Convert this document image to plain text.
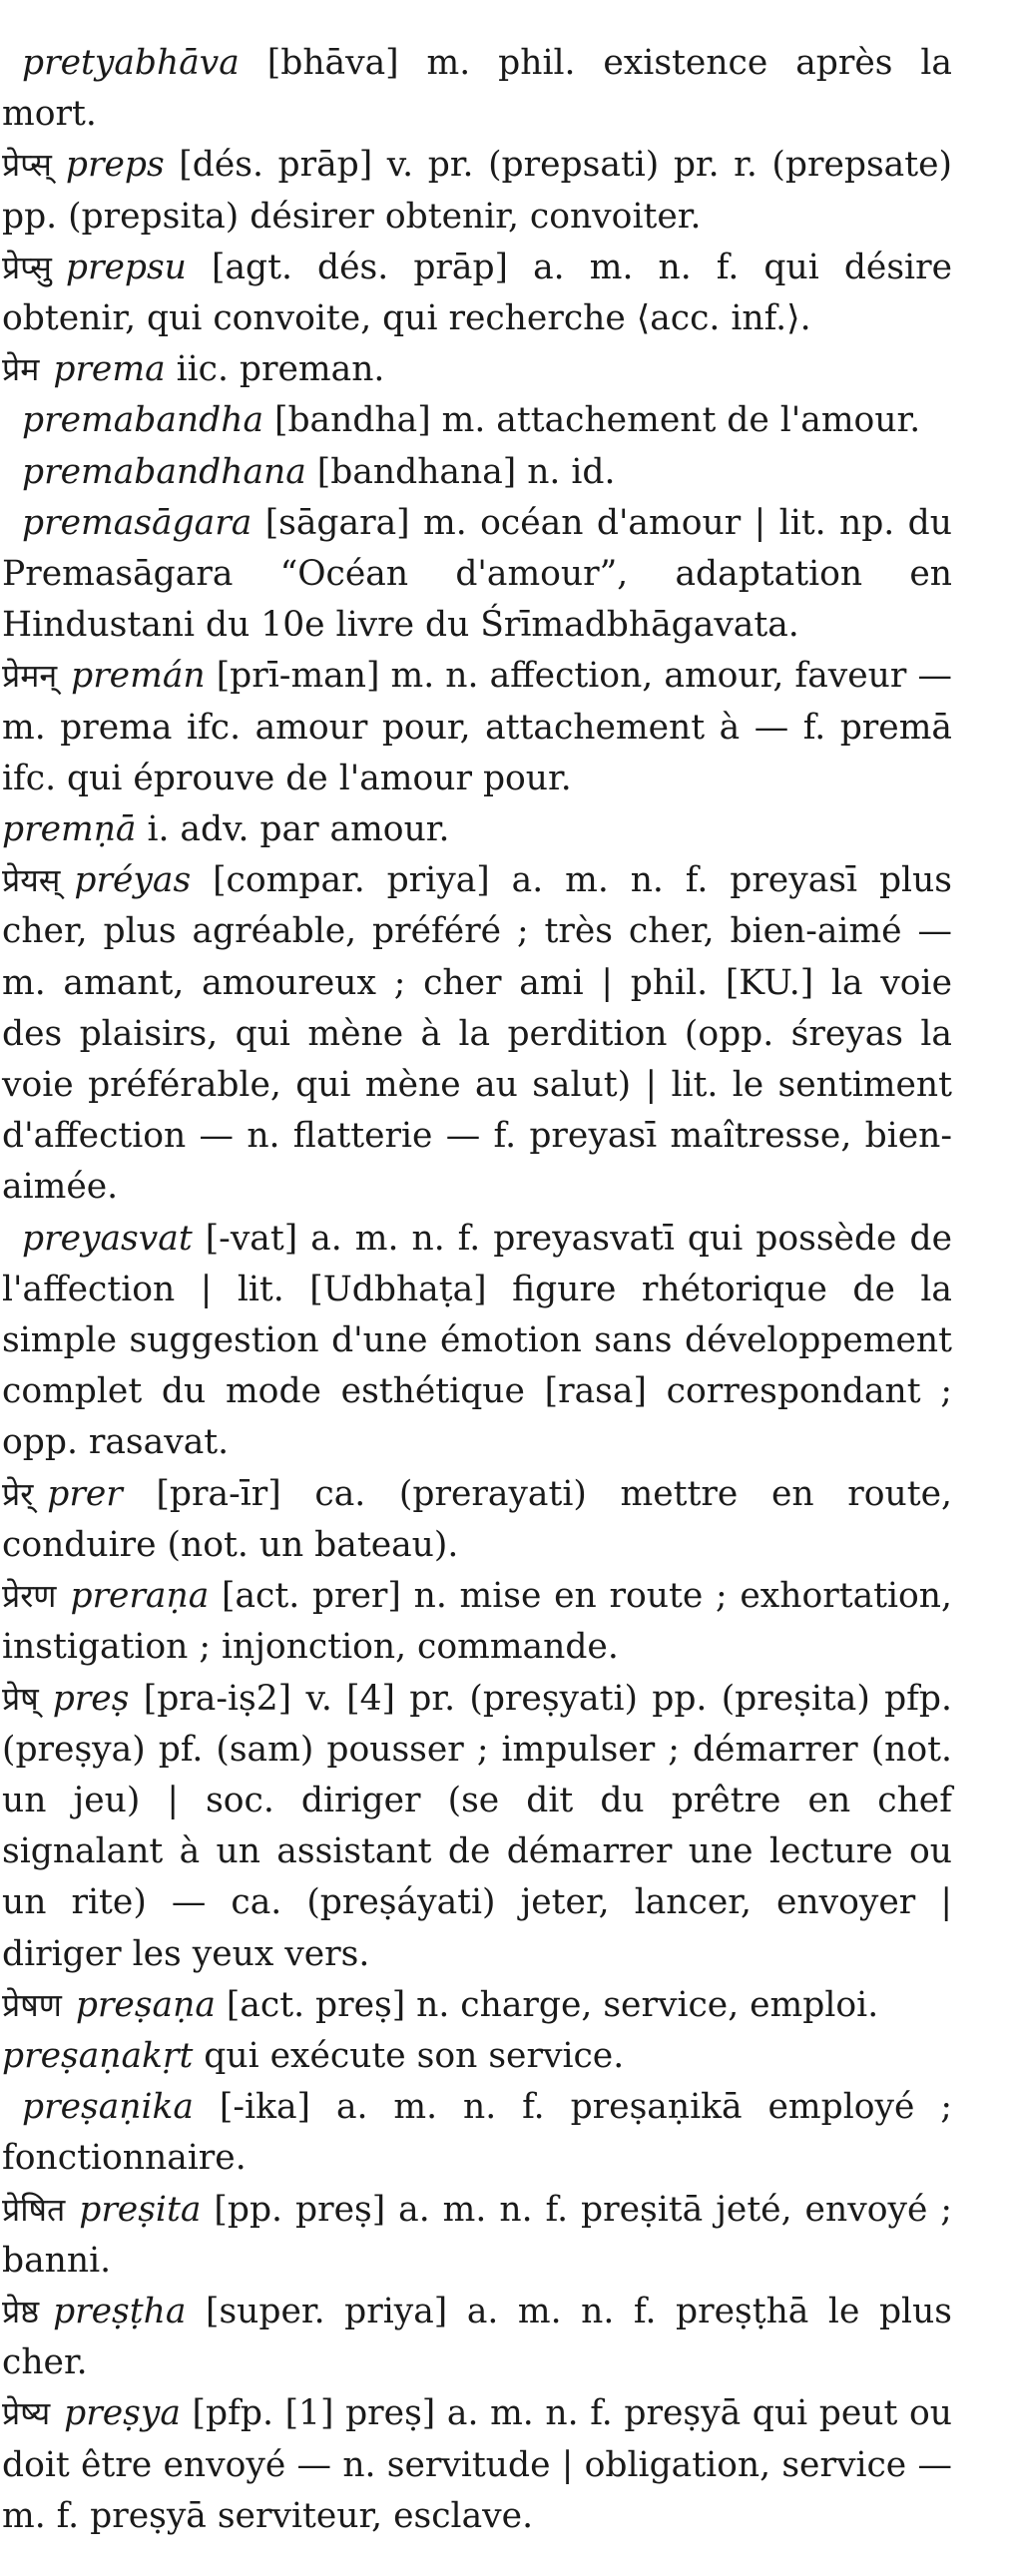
pretyabhāva [bhāva] m. phil. existence après la mort.

प्रेप्स् preps [dés. prāp] v. pr. (prepsati) pr. r. (prepsate) pp. (prepsita) désirer obtenir, convoiter.

प्रेप्सु prepsu [agt. dés. prāp] a. m. n. f. qui désire obtenir, qui convoite, qui recherche ⟨acc. inf.⟩.

प्रेम prema iic. preman.

premabandha [bandha] m. attachement de l'amour.

premabandhana [bandhana] n. id.

premasāgara [sāgara] m. océan d'amour | lit. np. du Premasāgara “Océan d'amour”, adaptation en Hindustani du 10e livre du Śrīmadbhāgavata.

प्रेमन् premán [prī-man] m. n. affection, amour, faveur — m. prema ifc. amour pour, attachement à — f. premā ifc. qui éprouve de l'amour pour.

premṇā i. adv. par amour.

प्रेयस् préyas [compar. priya] a. m. n. f. preyasī plus cher, plus agréable, préféré ; très cher, bien-aimé — m. amant, amoureux ; cher ami | phil. [KU.] la voie des plaisirs, qui mène à la perdition (opp. śreyas la voie préférable, qui mène au salut) | lit. le sentiment d'affection — n. flatterie — f. preyasī maîtresse, bien-aimée.

preyasvat [-vat] a. m. n. f. preyasvatī qui possède de l'affection | lit. [Udbhaṭa] figure rhétorique de la simple suggestion d'une émotion sans développement complet du mode esthétique [rasa] correspondant ; opp. rasavat.

प्रेर् prer [pra-īr] ca. (prerayati) mettre en route, conduire (not. un bateau).

प्रेरण preraṇa [act. prer] n. mise en route ; exhortation, instigation ; injonction, commande.

प्रेष् preṣ [pra-iṣ2] v. [4] pr. (preṣyati) pp. (preṣita) pfp. (preṣya) pf. (sam) pousser ; impulser ; démarrer (not. un jeu) | soc. diriger (se dit du prêtre en chef signalant à un assistant de démarrer une lecture ou un rite) — ca. (preṣáyati) jeter, lancer, envoyer | diriger les yeux vers.

प्रेषण preṣaṇa [act. preṣ] n. charge, service, emploi.

preṣaṇakṛt qui exécute son service.

preṣaṇika [-ika] a. m. n. f. preṣaṇikā employé ; fonctionnaire.

प्रेषित preṣita [pp. preṣ] a. m. n. f. preṣitā jeté, envoyé ; banni.

प्रेष्ठ preṣṭha [super. priya] a. m. n. f. preṣṭhā le plus cher.

प्रेष्य preṣya [pfp. [1] preṣ] a. m. n. f. preṣyā qui peut ou doit être envoyé — n. servitude | obligation, service — m. f. preṣyā serviteur, esclave.
